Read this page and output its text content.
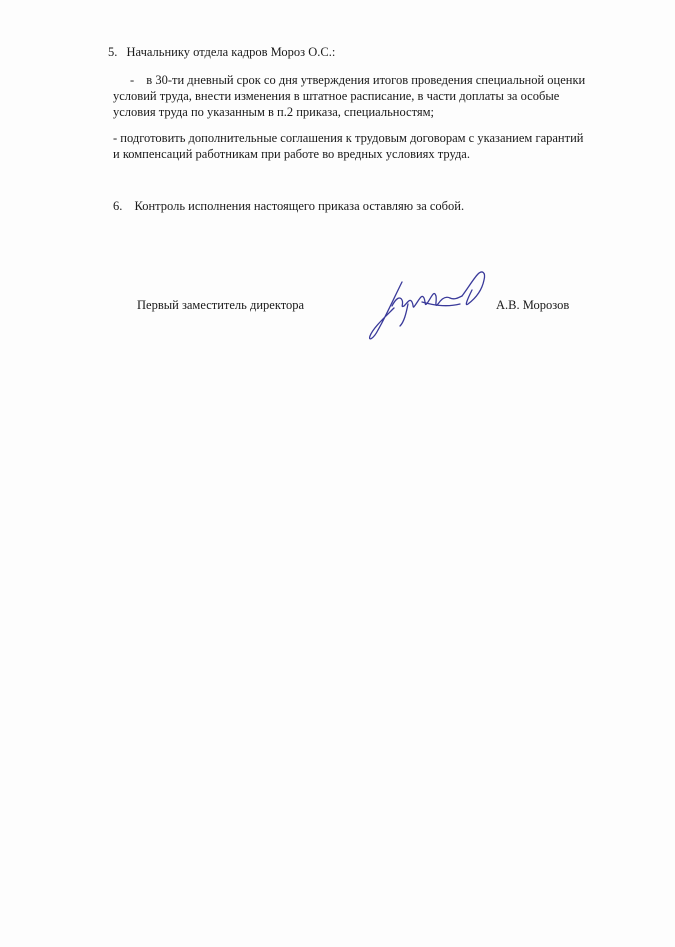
5. Начальнику отдела кадров Мороз О.С.:
- в 30-ти дневный срок со дня утверждения итогов проведения специальной оценки
условий труда, внести изменения в штатное расписание, в части доплаты за особые
условия труда по указанным в п.2 приказа, специальностям;
- подготовить дополнительные соглашения к трудовым договорам с указанием гарантий
и компенсаций работникам при работе во вредных условиях труда.
6. Контроль исполнения настоящего приказа оставляю за собой.
Первый заместитель директора	А.В. Морозов
